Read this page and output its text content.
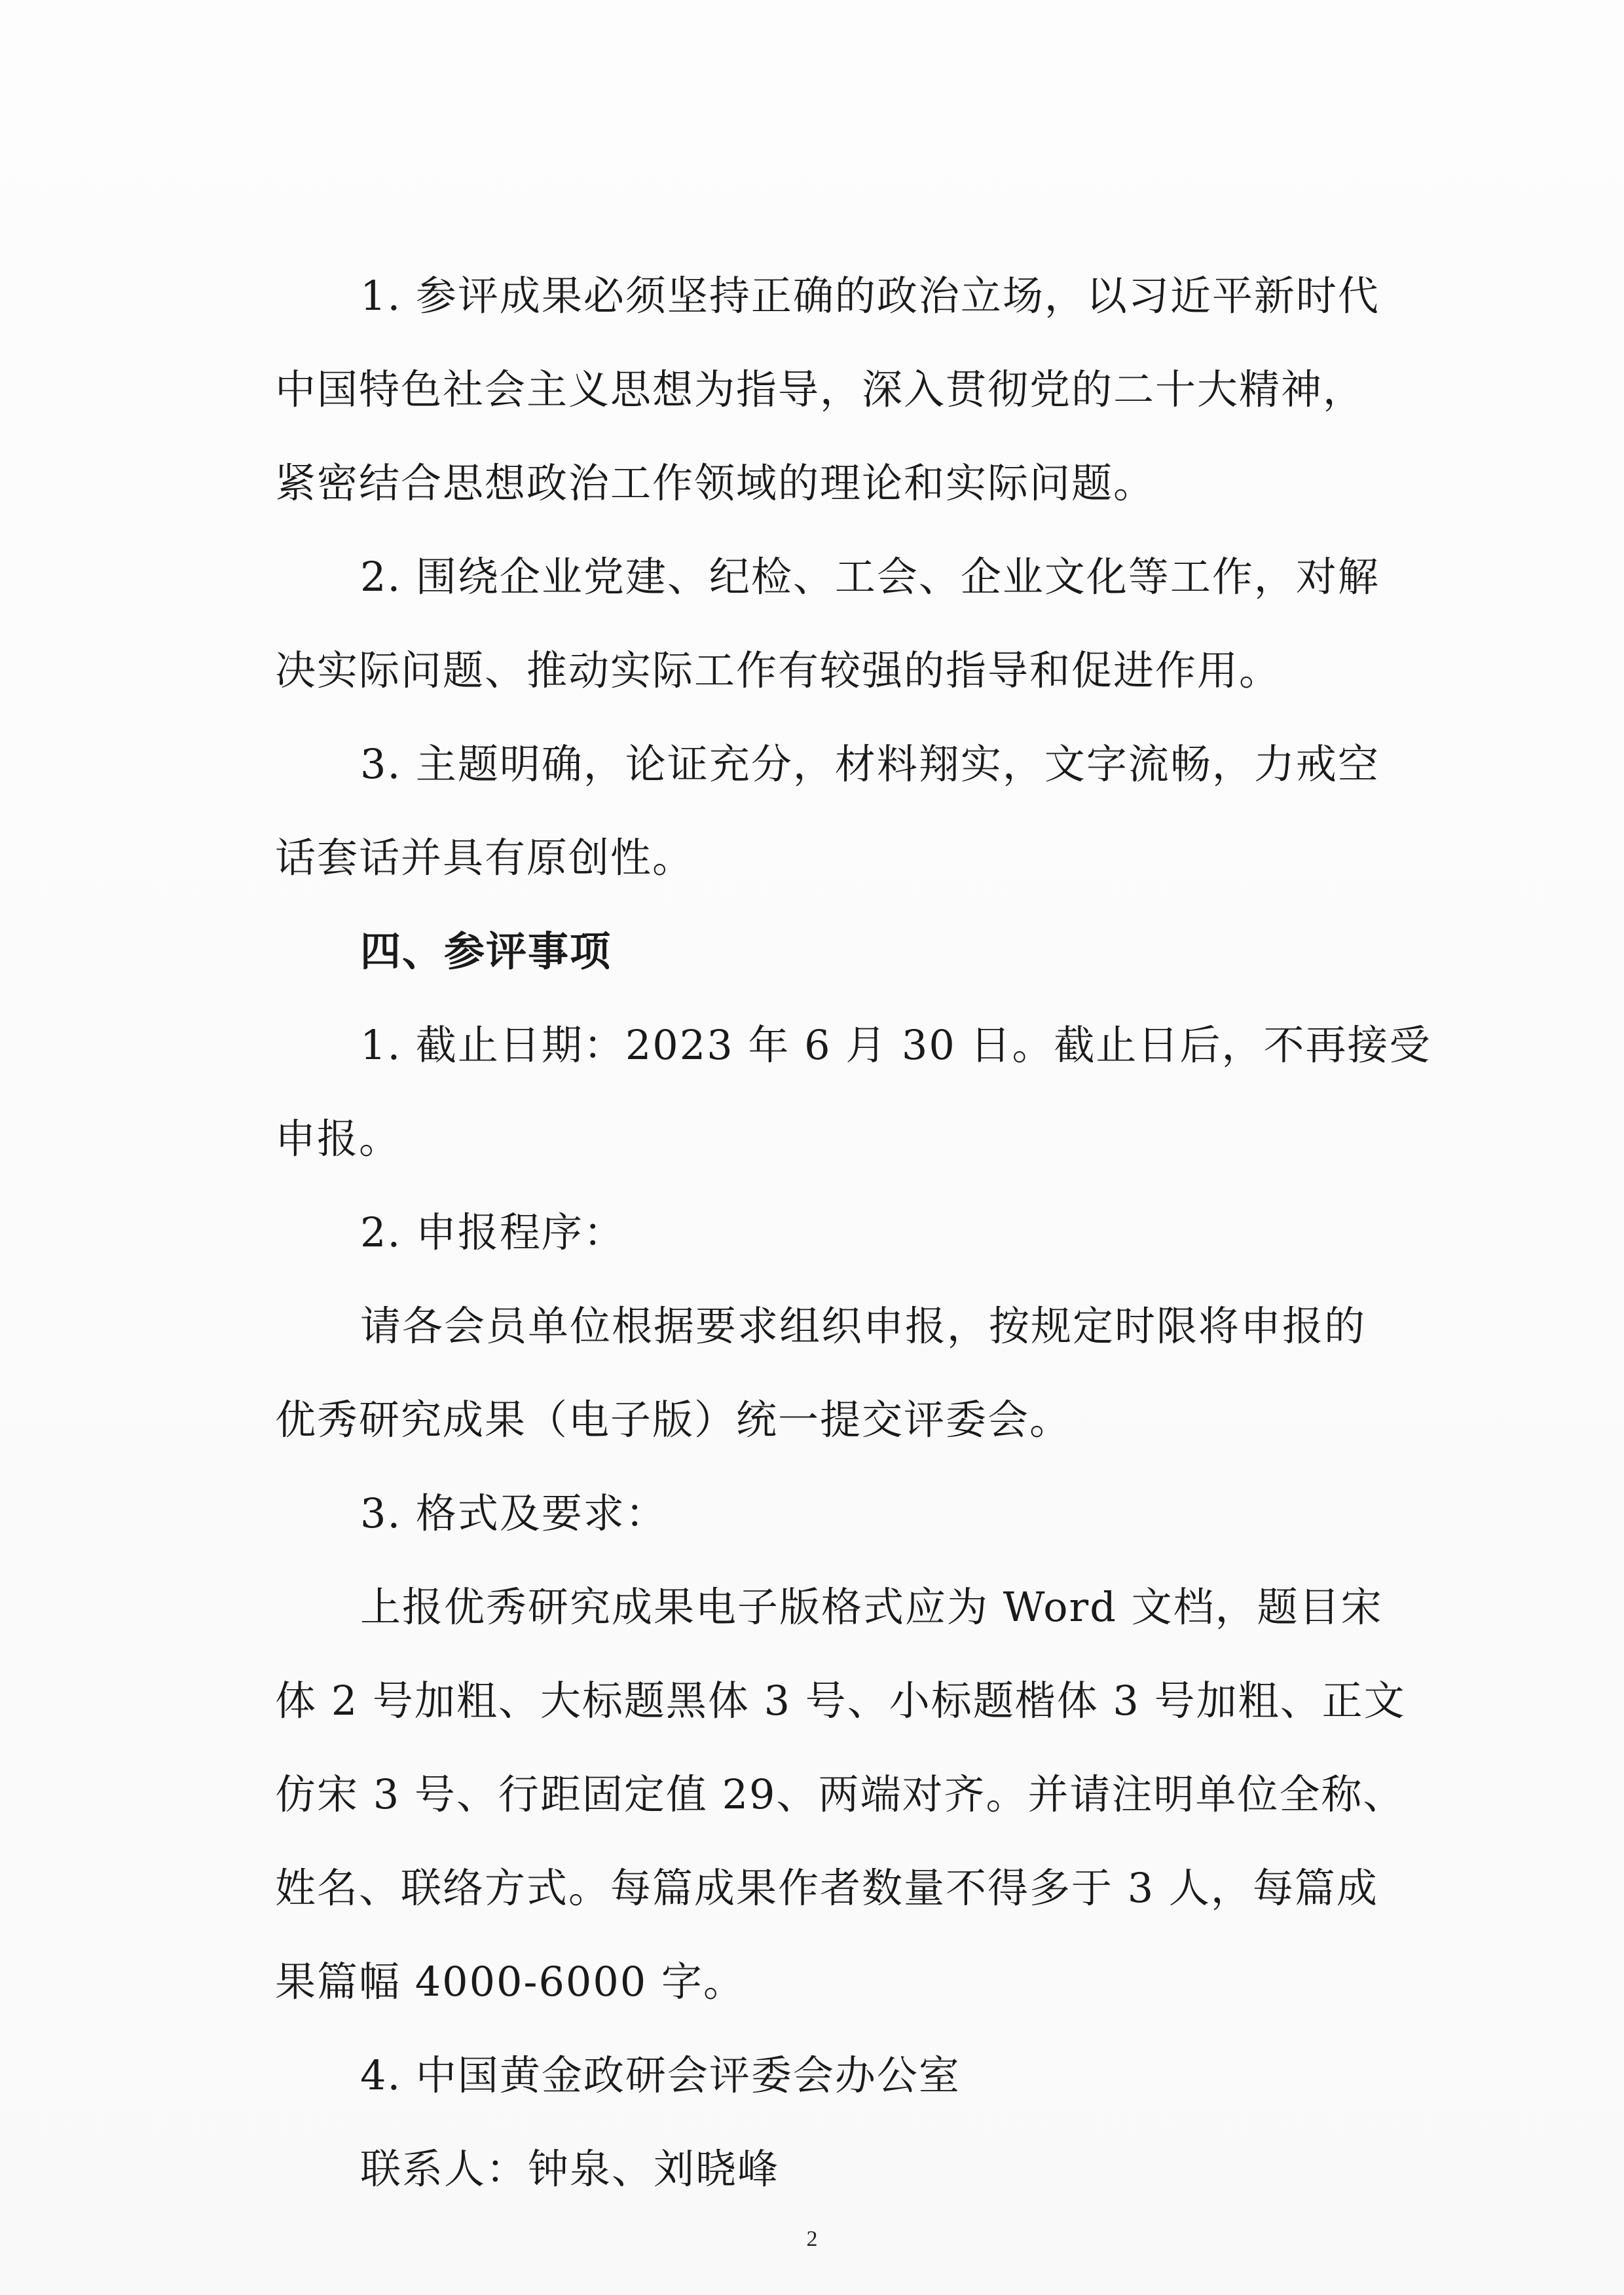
1. 参评成果必须坚持正确的政治立场，以习近平新时代
中国特色社会主义思想为指导，深入贯彻党的二十大精神，
紧密结合思想政治工作领域的理论和实际问题。
2. 围绕企业党建、纪检、工会、企业文化等工作，对解
决实际问题、推动实际工作有较强的指导和促进作用。
3. 主题明确，论证充分，材料翔实，文字流畅，力戒空
话套话并具有原创性。
四、参评事项
1. 截止日期：2023 年 6 月 30 日。截止日后，不再接受
申报。
2. 申报程序：
请各会员单位根据要求组织申报，按规定时限将申报的
优秀研究成果（电子版）统一提交评委会。
3. 格式及要求：
上报优秀研究成果电子版格式应为 Word 文档，题目宋
体 2 号加粗、大标题黑体 3 号、小标题楷体 3 号加粗、正文
仿宋 3 号、行距固定值 29、两端对齐。并请注明单位全称、
姓名、联络方式。每篇成果作者数量不得多于 3 人，每篇成
果篇幅 4000-6000 字。
4. 中国黄金政研会评委会办公室
联系人：钟泉、刘晓峰
2
